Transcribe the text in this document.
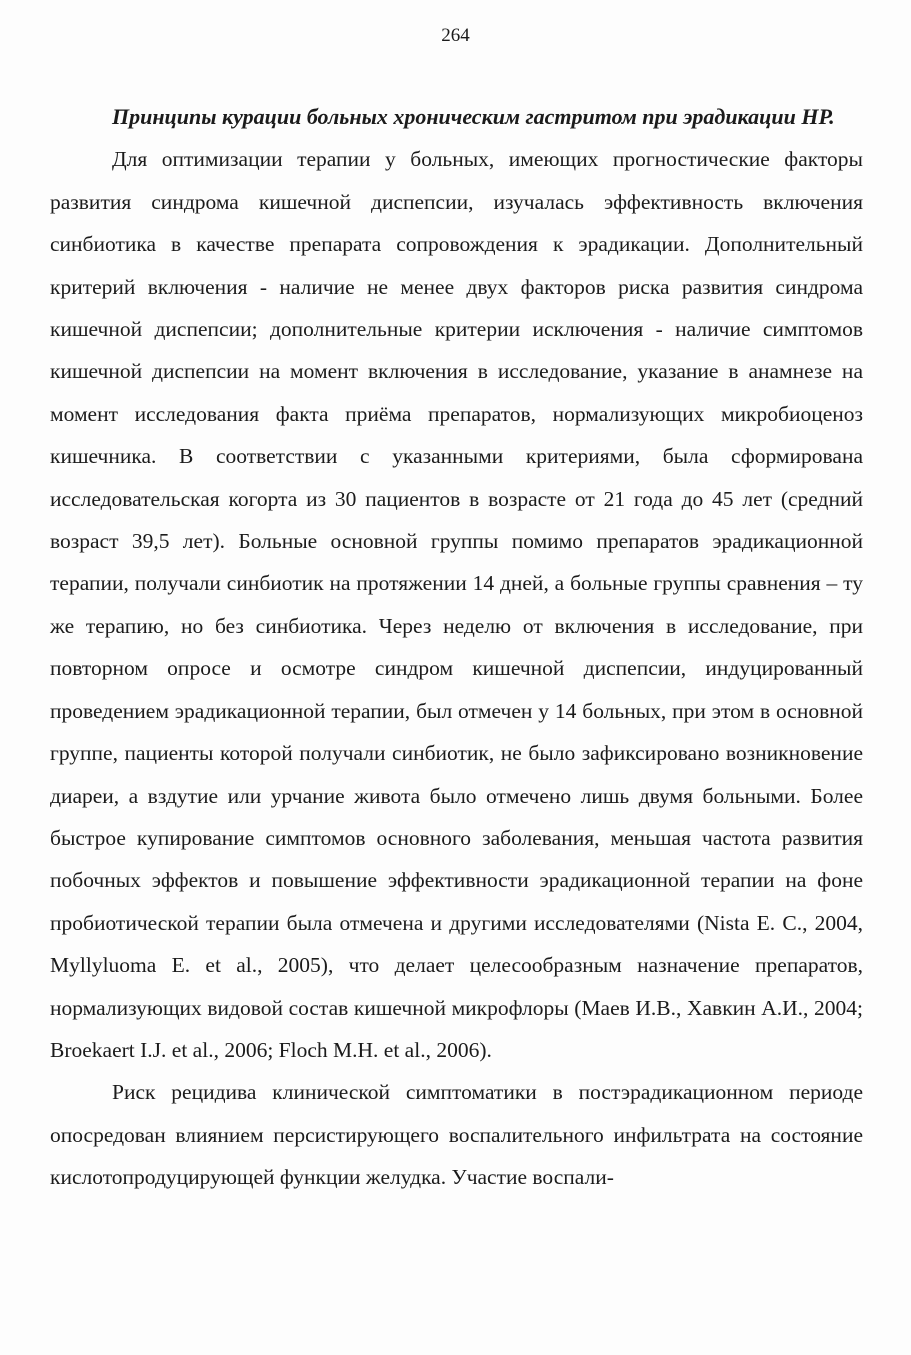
264

Принципы курации больных хроническим гастритом при эрадикации HP.

Для оптимизации терапии у больных, имеющих прогностические факторы развития синдрома кишечной диспепсии, изучалась эффективность включения синбиотика в качестве препарата сопровождения к эрадикации. Дополнительный критерий включения - наличие не менее двух факторов риска развития синдрома кишечной диспепсии; дополнительные критерии исключения - наличие симптомов кишечной диспепсии на момент включения в исследование, указание в анамнезе на момент исследования факта приёма препаратов, нормализующих микробиоценоз кишечника. В соответствии с указанными критериями, была сформирована исследовательская когорта из 30 пациентов в возрасте от 21 года до 45 лет (средний возраст 39,5 лет). Больные основной группы помимо препаратов эрадикационной терапии, получали синбиотик на протяжении 14 дней, а больные группы сравнения – ту же терапию, но без синбиотика. Через неделю от включения в исследование, при повторном опросе и осмотре синдром кишечной диспепсии, индуцированный проведением эрадикационной терапии, был отмечен у 14 больных, при этом в основной группе, пациенты которой получали синбиотик, не было зафиксировано возникновение диареи, а вздутие или урчание живота было отмечено лишь двумя больными. Более быстрое купирование симптомов основного заболевания, меньшая частота развития побочных эффектов и повышение эффективности эрадикационной терапии на фоне пробиотической терапии была отмечена и другими исследователями (Nista E. C., 2004, Myllyluoma E. et al., 2005), что делает целесообразным назначение препаратов, нормализующих видовой состав кишечной микрофлоры (Маев И.В., Хавкин А.И., 2004; Broekaert I.J. et al., 2006; Floch M.H. et al., 2006).

Риск рецидива клинической симптоматики в постэрадикационном периоде опосредован влиянием персистирующего воспалительного инфильтрата на состояние кислотопродуцирующей функции желудка. Участие воспали-
